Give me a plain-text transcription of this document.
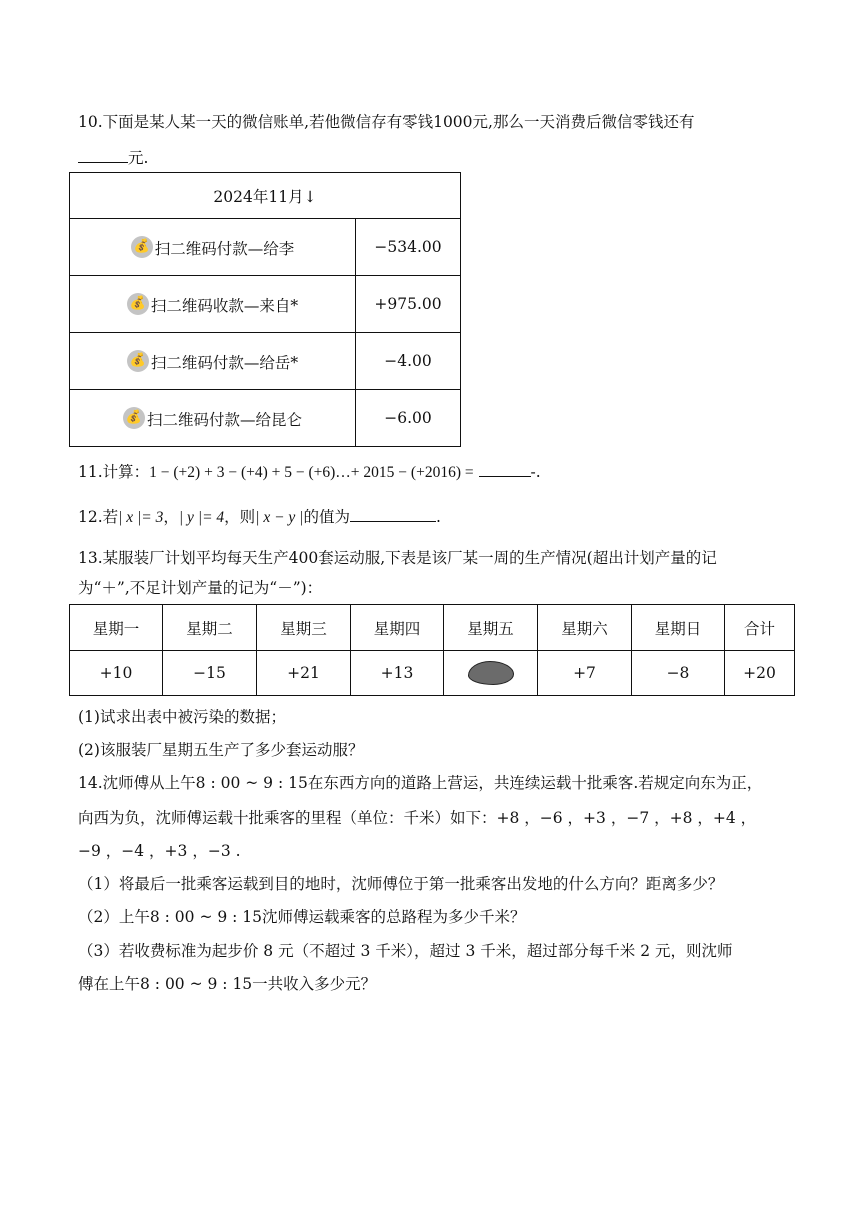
10.下面是某人某一天的微信账单,若他微信存有零钱1000元,那么一天消费后微信零钱还有
元.
2024年11月↓	
💰 扫二维码付款—给李	−534.00
💰 扫二维码收款—来自*	+975.00
💰 扫二维码付款—给岳*	−4.00
💰 扫二维码付款—给昆仑	−6.00
11.计算：1 − (+2) + 3 − (+4) + 5 − (+6)…+ 2015 − (+2016) =	-.
12.若| x |= 3，| y |= 4，则| x − y |的值为	.
13.某服装厂计划平均每天生产400套运动服,下表是该厂某一周的生产情况(超出计划产量的记
为“＋”,不足计划产量的记为“－”)：
星期一	星期二	星期三	星期四	星期五	星期六	星期日	合计
+10	−15	+21	+13		+7	−8	+20
(1)试求出表中被污染的数据；
(2)该服装厂星期五生产了多少套运动服？
14.沈师傅从上午8 : 00 ~ 9 : 15在东西方向的道路上营运，共连续运载十批乘客.若规定向东为正，
向西为负，沈师傅运载十批乘客的里程（单位：千米）如下：+8 ，−6 ，+3 ，−7 ，+8 ，+4 ，
−9 ，−4 ，+3 ，−3 .
（1）将最后一批乘客运载到目的地时，沈师傅位于第一批乘客出发地的什么方向？距离多少？
（2）上午8 : 00 ~ 9 : 15沈师傅运载乘客的总路程为多少千米？
（3）若收费标准为起步价 8 元（不超过 3 千米），超过 3 千米，超过部分每千米 2 元，则沈师
傅在上午8 : 00 ~ 9 : 15一共收入多少元？
